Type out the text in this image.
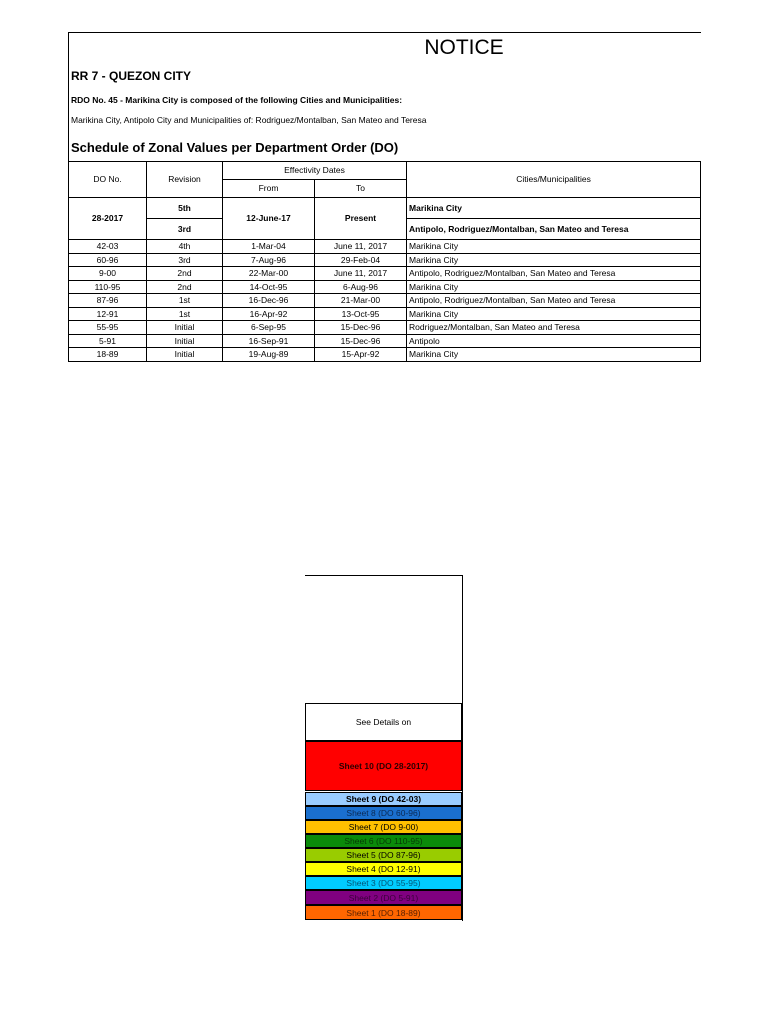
NOTICE
RR 7 - QUEZON CITY
RDO No. 45 - Marikina City is composed of the following Cities and Municipalities:
Marikina City, Antipolo City and Municipalities of: Rodriguez/Montalban, San Mateo and Teresa
Schedule of Zonal Values per Department Order (DO)
DO No.	Revision	Effectivity Dates		Cities/Municipalities
		From	To	
28-2017	5th	12-June-17	Present	Marikina City
	3rd			Antipolo, Rodriguez/Montalban, San Mateo and Teresa
42-03	4th	1-Mar-04	June 11, 2017	Marikina City
60-96	3rd	7-Aug-96	29-Feb-04	Marikina City
9-00	2nd	22-Mar-00	June 11, 2017	Antipolo, Rodriguez/Montalban, San Mateo and Teresa
110-95	2nd	14-Oct-95	6-Aug-96	Marikina City
87-96	1st	16-Dec-96	21-Mar-00	Antipolo, Rodriguez/Montalban, San Mateo and Teresa
12-91	1st	16-Apr-92	13-Oct-95	Marikina City
55-95	Initial	6-Sep-95	15-Dec-96	Rodriguez/Montalban, San Mateo and Teresa
5-91	Initial	16-Sep-91	15-Dec-96	Antipolo
18-89	Initial	19-Aug-89	15-Apr-92	Marikina City
See Details on
Sheet 10 (DO 28-2017)
Sheet 9 (DO 42-03)
Sheet 8 (DO 60-96)
Sheet 7 (DO 9-00)
Sheet 6 (DO 110-95)
Sheet 5 (DO 87-96)
Sheet 4 (DO 12-91)
Sheet 3 (DO 55-95)
Sheet 2 (DO 5-91)
Sheet 1 (DO 18-89)
